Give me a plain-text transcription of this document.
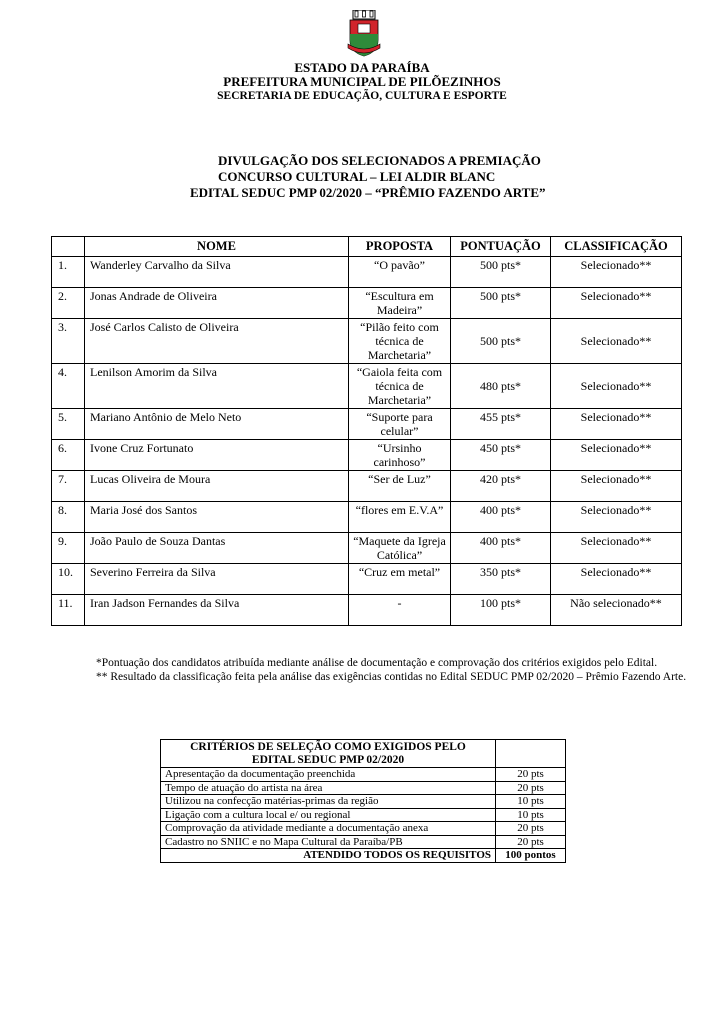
ESTADO DA PARAÍBA
PREFEITURA MUNICIPAL DE PILÕEZINHOS
SECRETARIA DE EDUCAÇÃO, CULTURA E ESPORTE
DIVULGAÇÃO DOS SELECIONADOS A PREMIAÇÃO
CONCURSO CULTURAL – LEI ALDIR BLANC
EDITAL SEDUC PMP 02/2020 – “PRÊMIO FAZENDO ARTE”
	NOME	PROPOSTA	PONTUAÇÃO	CLASSIFICAÇÃO
1.	Wanderley Carvalho da Silva	“O pavão”	500 pts*	Selecionado**
2.	Jonas Andrade de Oliveira	“Escultura em Madeira”	500 pts*	Selecionado**
3.	José Carlos Calisto de Oliveira	“Pilão feito com técnica de Marchetaria”	500 pts*	Selecionado**
4.	Lenilson Amorim da Silva	“Gaiola feita com técnica de Marchetaria”	480 pts*	Selecionado**
5.	Mariano Antônio de Melo Neto	“Suporte para celular”	455 pts*	Selecionado**
6.	Ivone Cruz Fortunato	“Ursinho carinhoso”	450 pts*	Selecionado**
7.	Lucas Oliveira de Moura	“Ser de Luz”	420 pts*	Selecionado**
8.	Maria José dos Santos	“flores em E.V.A”	400 pts*	Selecionado**
9.	João Paulo de Souza Dantas	“Maquete da Igreja Católica”	400 pts*	Selecionado**
10.	Severino Ferreira da Silva	“Cruz em metal”	350 pts*	Selecionado**
11.	Iran Jadson Fernandes da Silva	-	100 pts*	Não selecionado**
*Pontuação dos candidatos atribuída mediante análise de documentação e comprovação dos critérios exigidos pelo Edital.
** Resultado da classificação feita pela análise das exigências contidas no Edital SEDUC PMP 02/2020 – Prêmio Fazendo Arte.
CRITÉRIOS DE SELEÇÃO COMO EXIGIDOS PELO
EDITAL SEDUC PMP 02/2020	

Apresentação da documentação preenchida	20 pts
Tempo de atuação do artista na área	20 pts
Utilizou na confecção matérias-primas da região	10 pts
Ligação com a cultura local e/ ou regional	10 pts
Comprovação da atividade mediante a documentação anexa	20 pts
Cadastro no SNIIC e no Mapa Cultural da Paraíba/PB	20 pts
ATENDIDO TODOS OS REQUISITOS	100 pontos
